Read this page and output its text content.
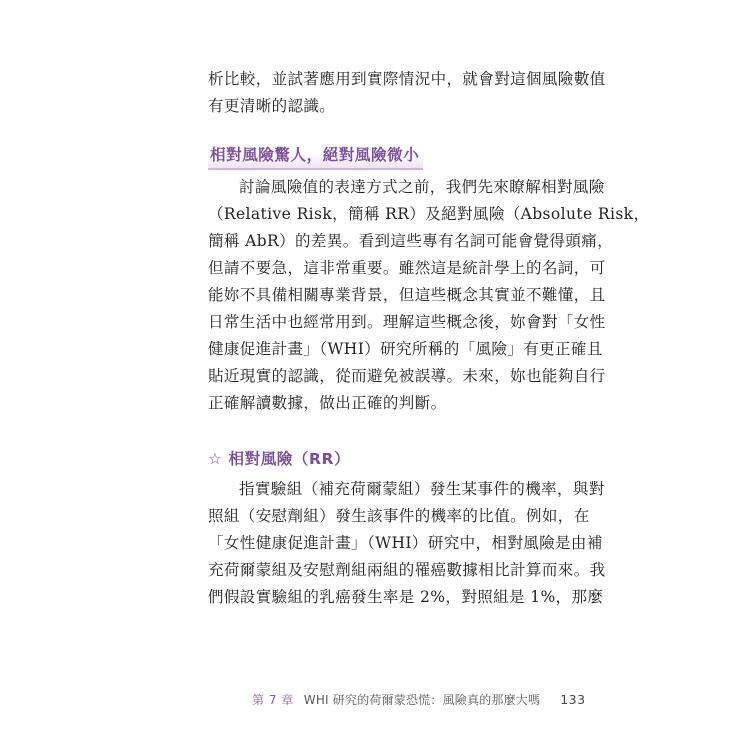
析比較，並試著應用到實際情況中，就會對這個風險數值
有更清晰的認識。
相對風險驚人，絕對風險微小
討論風險值的表達方式之前，我們先來瞭解相對風險
（Relative Risk，簡稱 RR）及絕對風險（Absolute Risk，
簡稱 AbR）的差異。看到這些專有名詞可能會覺得頭痛，
但請不要急，這非常重要。雖然這是統計學上的名詞，可
能妳不具備相關專業背景，但這些概念其實並不難懂，且
日常生活中也經常用到。理解這些概念後，妳會對「女性
健康促進計畫」（WHI）研究所稱的「風險」有更正確且
貼近現實的認識，從而避免被誤導。未來，妳也能夠自行
正確解讀數據，做出正確的判斷。
☆ 相對風險（RR）
指實驗組（補充荷爾蒙組）發生某事件的機率，與對
照組（安慰劑組）發生該事件的機率的比值。例如，在
「女性健康促進計畫」（WHI）研究中，相對風險是由補
充荷爾蒙組及安慰劑組兩組的罹癌數據相比計算而來。我
們假設實驗組的乳癌發生率是 2%，對照組是 1%，那麼
第 7 章 WHI 研究的荷爾蒙恐慌：風險真的那麼大嗎 133
